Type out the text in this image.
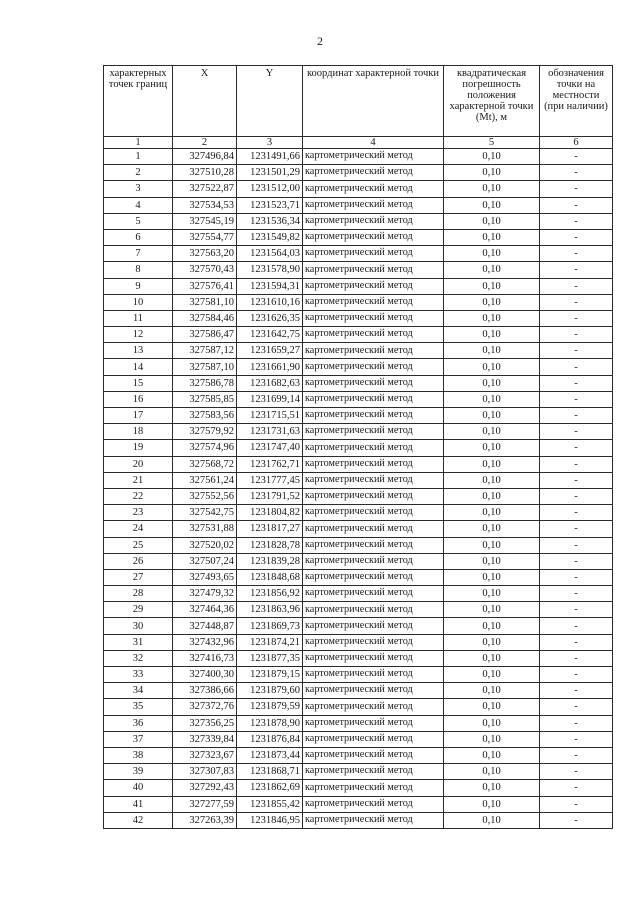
2
характерных точек границ	X	Y	координат характерной точки	квадратическая погрешность положения характерной точки (Mt), м	обозначения точки на местности (при наличии)
1	2	3	4	5	6
1	327496,84	1231491,66	картометрический метод	0,10	-
2	327510,28	1231501,29	картометрический метод	0,10	-
3	327522,87	1231512,00	картометрический метод	0,10	-
4	327534,53	1231523,71	картометрический метод	0,10	-
5	327545,19	1231536,34	картометрический метод	0,10	-
6	327554,77	1231549,82	картометрический метод	0,10	-
7	327563,20	1231564,03	картометрический метод	0,10	-
8	327570,43	1231578,90	картометрический метод	0,10	-
9	327576,41	1231594,31	картометрический метод	0,10	-
10	327581,10	1231610,16	картометрический метод	0,10	-
11	327584,46	1231626,35	картометрический метод	0,10	-
12	327586,47	1231642,75	картометрический метод	0,10	-
13	327587,12	1231659,27	картометрический метод	0,10	-
14	327587,10	1231661,90	картометрический метод	0,10	-
15	327586,78	1231682,63	картометрический метод	0,10	-
16	327585,85	1231699,14	картометрический метод	0,10	-
17	327583,56	1231715,51	картометрический метод	0,10	-
18	327579,92	1231731,63	картометрический метод	0,10	-
19	327574,96	1231747,40	картометрический метод	0,10	-
20	327568,72	1231762,71	картометрический метод	0,10	-
21	327561,24	1231777,45	картометрический метод	0,10	-
22	327552,56	1231791,52	картометрический метод	0,10	-
23	327542,75	1231804,82	картометрический метод	0,10	-
24	327531,88	1231817,27	картометрический метод	0,10	-
25	327520,02	1231828,78	картометрический метод	0,10	-
26	327507,24	1231839,28	картометрический метод	0,10	-
27	327493,65	1231848,68	картометрический метод	0,10	-
28	327479,32	1231856,92	картометрический метод	0,10	-
29	327464,36	1231863,96	картометрический метод	0,10	-
30	327448,87	1231869,73	картометрический метод	0,10	-
31	327432,96	1231874,21	картометрический метод	0,10	-
32	327416,73	1231877,35	картометрический метод	0,10	-
33	327400,30	1231879,15	картометрический метод	0,10	-
34	327386,66	1231879,60	картометрический метод	0,10	-
35	327372,76	1231879,59	картометрический метод	0,10	-
36	327356,25	1231878,90	картометрический метод	0,10	-
37	327339,84	1231876,84	картометрический метод	0,10	-
38	327323,67	1231873,44	картометрический метод	0,10	-
39	327307,83	1231868,71	картометрический метод	0,10	-
40	327292,43	1231862,69	картометрический метод	0,10	-
41	327277,59	1231855,42	картометрический метод	0,10	-
42	327263,39	1231846,95	картометрический метод	0,10	-
